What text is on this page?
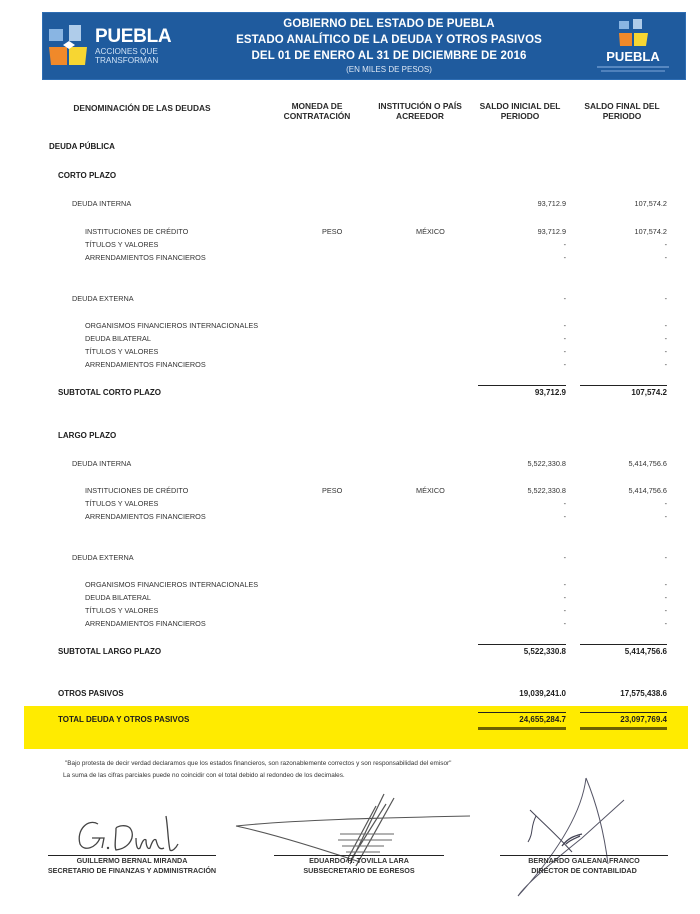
PUEBLA
ACCIONES QUE
TRANSFORMAN
GOBIERNO DEL ESTADO DE PUEBLA
ESTADO ANALÍTICO DE LA DEUDA Y OTROS PASIVOS
DEL 01 DE ENERO AL 31 DE DICIEMBRE DE 2016
(EN MILES DE PESOS)
PUEBLA
DENOMINACIÓN DE LAS DEUDAS	MONEDA DE
CONTRATACIÓN
INSTITUCIÓN O PAÍS
ACREEDOR
SALDO INICIAL DEL
PERIODO
SALDO FINAL DEL
PERIODO
DEUDA PÚBLICA
CORTO PLAZO
DEUDA INTERNA	93,712.9	107,574.2
INSTITUCIONES DE CRÉDITO	PESO	MÉXICO	93,712.9	107,574.2
TÍTULOS Y VALORES	-	-
ARRENDAMIENTOS FINANCIEROS	-	-
DEUDA EXTERNA	-	-
ORGANISMOS FINANCIEROS INTERNACIONALES	-	-
DEUDA BILATERAL	-	-
TÍTULOS Y VALORES	-	-
ARRENDAMIENTOS FINANCIEROS	-	-
SUBTOTAL CORTO PLAZO	93,712.9	107,574.2
LARGO PLAZO
DEUDA INTERNA	5,522,330.8	5,414,756.6
INSTITUCIONES DE CRÉDITO	PESO	MÉXICO	5,522,330.8	5,414,756.6
TÍTULOS Y VALORES	-	-
ARRENDAMIENTOS FINANCIEROS	-	-
DEUDA EXTERNA	-	-
ORGANISMOS FINANCIEROS INTERNACIONALES	-	-
DEUDA BILATERAL	-	-
TÍTULOS Y VALORES	-	-
ARRENDAMIENTOS FINANCIEROS	-	-
SUBTOTAL LARGO PLAZO	5,522,330.8	5,414,756.6
OTROS PASIVOS	19,039,241.0	17,575,438.6
TOTAL DEUDA Y OTROS PASIVOS	24,655,284.7	23,097,769.4
"Bajo protesta de decir verdad declaramos que los estados financieros, son razonablemente correctos y son responsabilidad del emisor"
La suma de las cifras parciales puede no coincidir con el total debido al redondeo de los decimales.
GUILLERMO BERNAL MIRANDA
SECRETARIO DE FINANZAS Y ADMINISTRACIÓN
EDUARDO H. TOVILLA LARA
SUBSECRETARIO DE EGRESOS
BERNARDO GALEANA FRANCO
DIRECTOR DE CONTABILIDAD
